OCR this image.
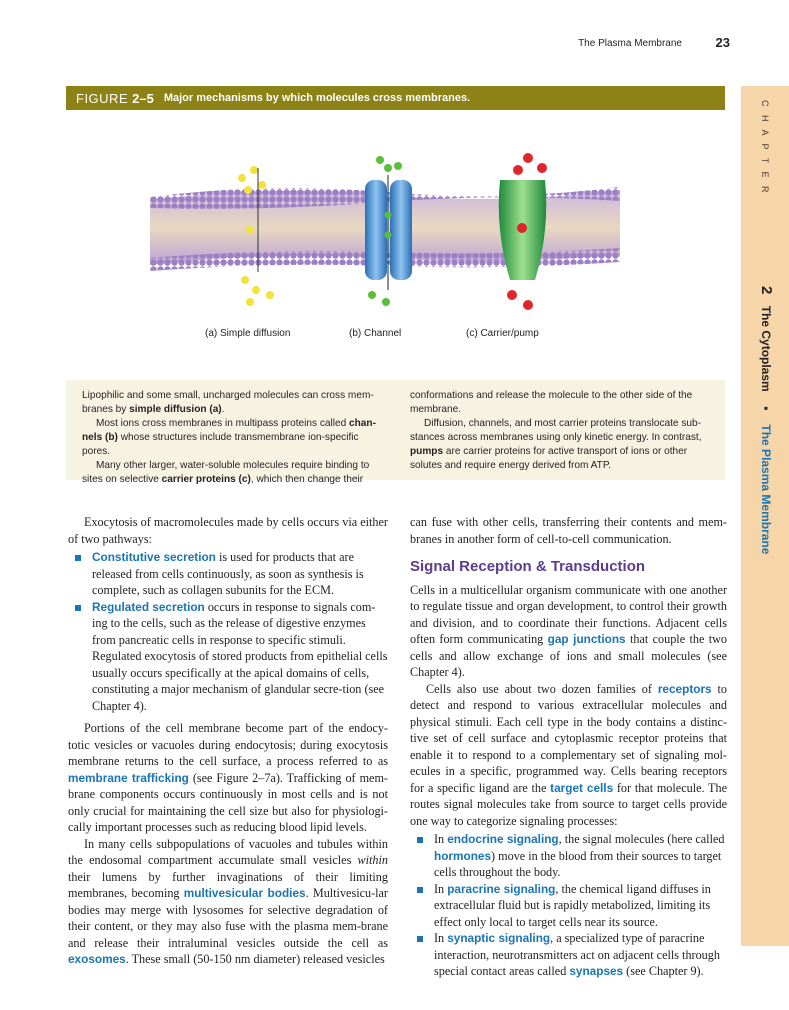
The Plasma Membrane	23
C H A P T E R
2 The Cytoplasm ▪ The Plasma Membrane
FIGURE 2–5 Major mechanisms by which molecules cross membranes.
(a) Simple diffusion	(b) Channel	(c) Carrier/pump

Lipophilic and some small, uncharged molecules can cross mem-branes by simple diffusion (a).

Most ions cross membranes in multipass proteins called chan-nels (b) whose structures include transmembrane ion-specific pores.

Many other larger, water-soluble molecules require binding to sites on selective carrier proteins (c), which then change their

conformations and release the molecule to the other side of the membrane.

Diffusion, channels, and most carrier proteins translocate sub-stances across membranes using only kinetic energy. In contrast, pumps are carrier proteins for active transport of ions or other solutes and require energy derived from ATP.

Exocytosis of macromolecules made by cells occurs via either of two pathways:

Constitutive secretion is used for products that are released from cells continuously, as soon as synthesis is complete, such as collagen subunits for the ECM.
Regulated secretion occurs in response to signals com-ing to the cells, such as the release of digestive enzymes from pancreatic cells in response to specific stimuli. Regulated exocytosis of stored products from epithelial cells usually occurs specifically at the apical domains of cells, constituting a major mechanism of glandular secre-tion (see Chapter 4).

Portions of the cell membrane become part of the endocy-totic vesicles or vacuoles during endocytosis; during exocytosis membrane returns to the cell surface, a process referred to as membrane trafficking (see Figure 2–7a). Trafficking of mem-brane components occurs continuously in most cells and is not only crucial for maintaining the cell size but also for physiologi-cally important processes such as reducing blood lipid levels.

In many cells subpopulations of vacuoles and tubules within the endosomal compartment accumulate small vesicles within their lumens by further invaginations of their limiting membranes, becoming multivesicular bodies. Multivesicu-lar bodies may merge with lysosomes for selective degradation of their content, or they may also fuse with the plasma mem-brane and release their intraluminal vesicles outside the cell as exosomes. These small (50-150 nm diameter) released vesicles

can fuse with other cells, transferring their contents and mem-branes in another form of cell-to-cell communication.

Signal Reception & Transduction

Cells in a multicellular organism communicate with one another to regulate tissue and organ development, to control their growth and division, and to coordinate their functions. Adjacent cells often form communicating gap junctions that couple the two cells and allow exchange of ions and small molecules (see Chapter 4).

Cells also use about two dozen families of receptors to detect and respond to various extracellular molecules and physical stimuli. Each cell type in the body contains a distinc-tive set of cell surface and cytoplasmic receptor proteins that enable it to respond to a complementary set of signaling mol-ecules in a specific, programmed way. Cells bearing receptors for a specific ligand are the target cells for that molecule. The routes signal molecules take from source to target cells provide one way to categorize signaling processes:

In endocrine signaling, the signal molecules (here called hormones) move in the blood from their sources to target cells throughout the body.
In paracrine signaling, the chemical ligand diffuses in extracellular fluid but is rapidly metabolized, limiting its effect only local to target cells near its source.
In synaptic signaling, a specialized type of paracrine interaction, neurotransmitters act on adjacent cells through special contact areas called synapses (see Chapter 9).
